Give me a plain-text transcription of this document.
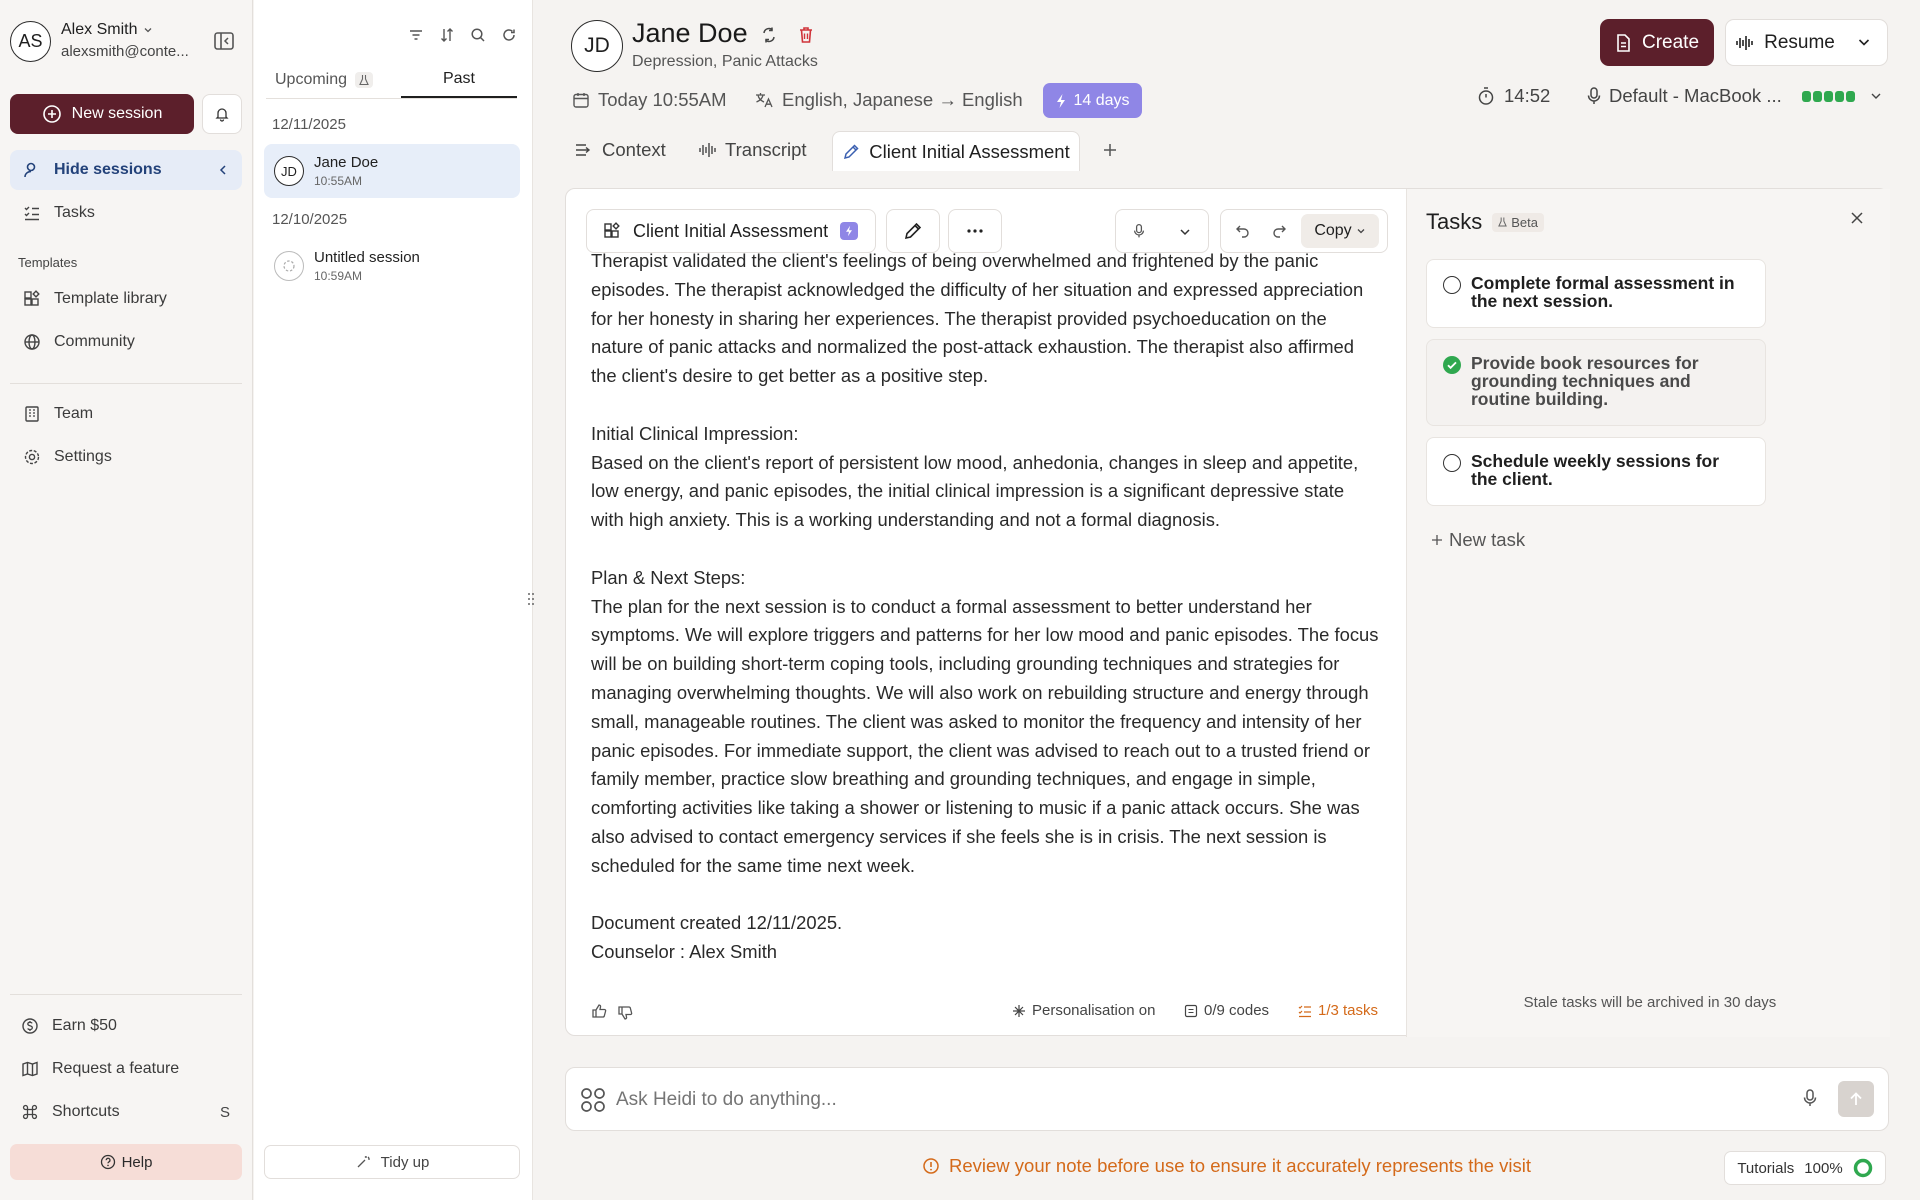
AS
Alex Smith
alexsmith@conte...
New session
Hide sessions
Tasks
Templates
Template library
Community
Team
Settings
Earn $50
Request a feature
Shortcuts	S
Help
Upcoming	Past
12/11/2025
JD	Jane Doe
10:55AM
12/10/2025
Untitled session
10:59AM
Tidy up
JD Jane Doe
Depression, Panic Attacks
Today 10:55AM	English, Japanese → English	14 days
Create	Resume
14:52	Default - MacBook ...
Context	Transcript	Client Initial Assessment
Client Initial Assessment	Copy

Therapist validated the client's feelings of being overwhelmed and frightened by the panic episodes. The therapist acknowledged the difficulty of her situation and expressed appreciation for her honesty in sharing her experiences. The therapist provided psychoeducation on the nature of panic attacks and normalized the post-attack exhaustion. The therapist also affirmed the client's desire to get better as a positive step.

Initial Clinical Impression:
Based on the client's report of persistent low mood, anhedonia, changes in sleep and appetite, low energy, and panic episodes, the initial clinical impression is a significant depressive state with high anxiety. This is a working understanding and not a formal diagnosis.

Plan & Next Steps:
The plan for the next session is to conduct a formal assessment to better understand her symptoms. We will explore triggers and patterns for her low mood and panic episodes. The focus will be on building short-term coping tools, including grounding techniques and strategies for managing overwhelming thoughts. We will also work on rebuilding structure and energy through small, manageable routines. The client was asked to monitor the frequency and intensity of her panic episodes. For immediate support, the client was advised to reach out to a trusted friend or family member, practice slow breathing and grounding techniques, and engage in simple, comforting activities like taking a shower or listening to music if a panic attack occurs. She was also advised to contact emergency services if she feels she is in crisis. The next session is scheduled for the same time next week.

Document created 12/11/2025.
Counselor : Alex Smith

Personalisation on	0/9 codes	1/3 tasks
Tasks Beta
Complete formal assessment in the next session.
Provide book resources for grounding techniques and routine building.
Schedule weekly sessions for the client.
New task
Stale tasks will be archived in 30 days
Ask Heidi to do anything...
Review your note before use to ensure it accurately represents the visit	Tutorials 100%
